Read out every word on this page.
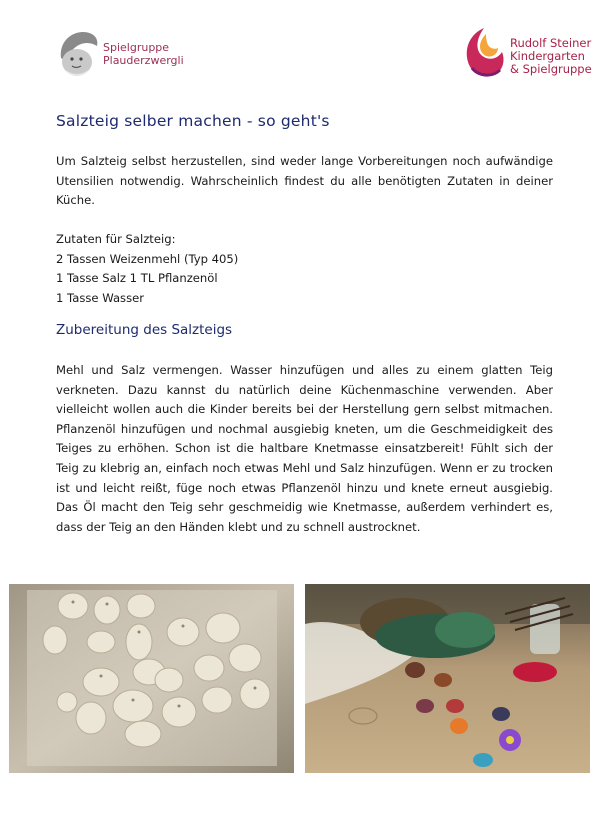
Spielgruppe
Plauderzwergli
Rudolf Steiner
Kindergarten
& Spielgruppe
Salzteig selber machen - so geht's

Um Salzteig selbst herzustellen, sind weder lange Vorbereitungen noch aufwändige Utensilien notwendig. Wahrscheinlich findest du alle benötigten Zutaten in deiner Küche.

Zutaten für Salzteig:
2 Tassen Weizenmehl (Typ 405)
1 Tasse Salz 1 TL Pflanzenöl
1 Tasse Wasser
Zubereitung des Salzteigs

Mehl und Salz vermengen. Wasser hinzufügen und alles zu einem glatten Teig verkneten. Dazu kannst du natürlich deine Küchenmaschine verwenden. Aber vielleicht wollen auch die Kinder bereits bei der Herstellung gern selbst mitmachen. Pflanzenöl hinzufügen und nochmal ausgiebig kneten, um die Geschmeidigkeit des Teiges zu erhöhen. Schon ist die haltbare Knetmasse einsatzbereit! Fühlt sich der Teig zu klebrig an, einfach noch etwas Mehl und Salz hinzufügen. Wenn er zu trocken ist und leicht reißt, füge noch etwas Pflanzenöl hinzu und knete erneut ausgiebig. Das Öl macht den Teig sehr geschmeidig wie Knetmasse, außerdem verhindert es, dass der Teig an den Händen klebt und zu schnell austrocknet.
